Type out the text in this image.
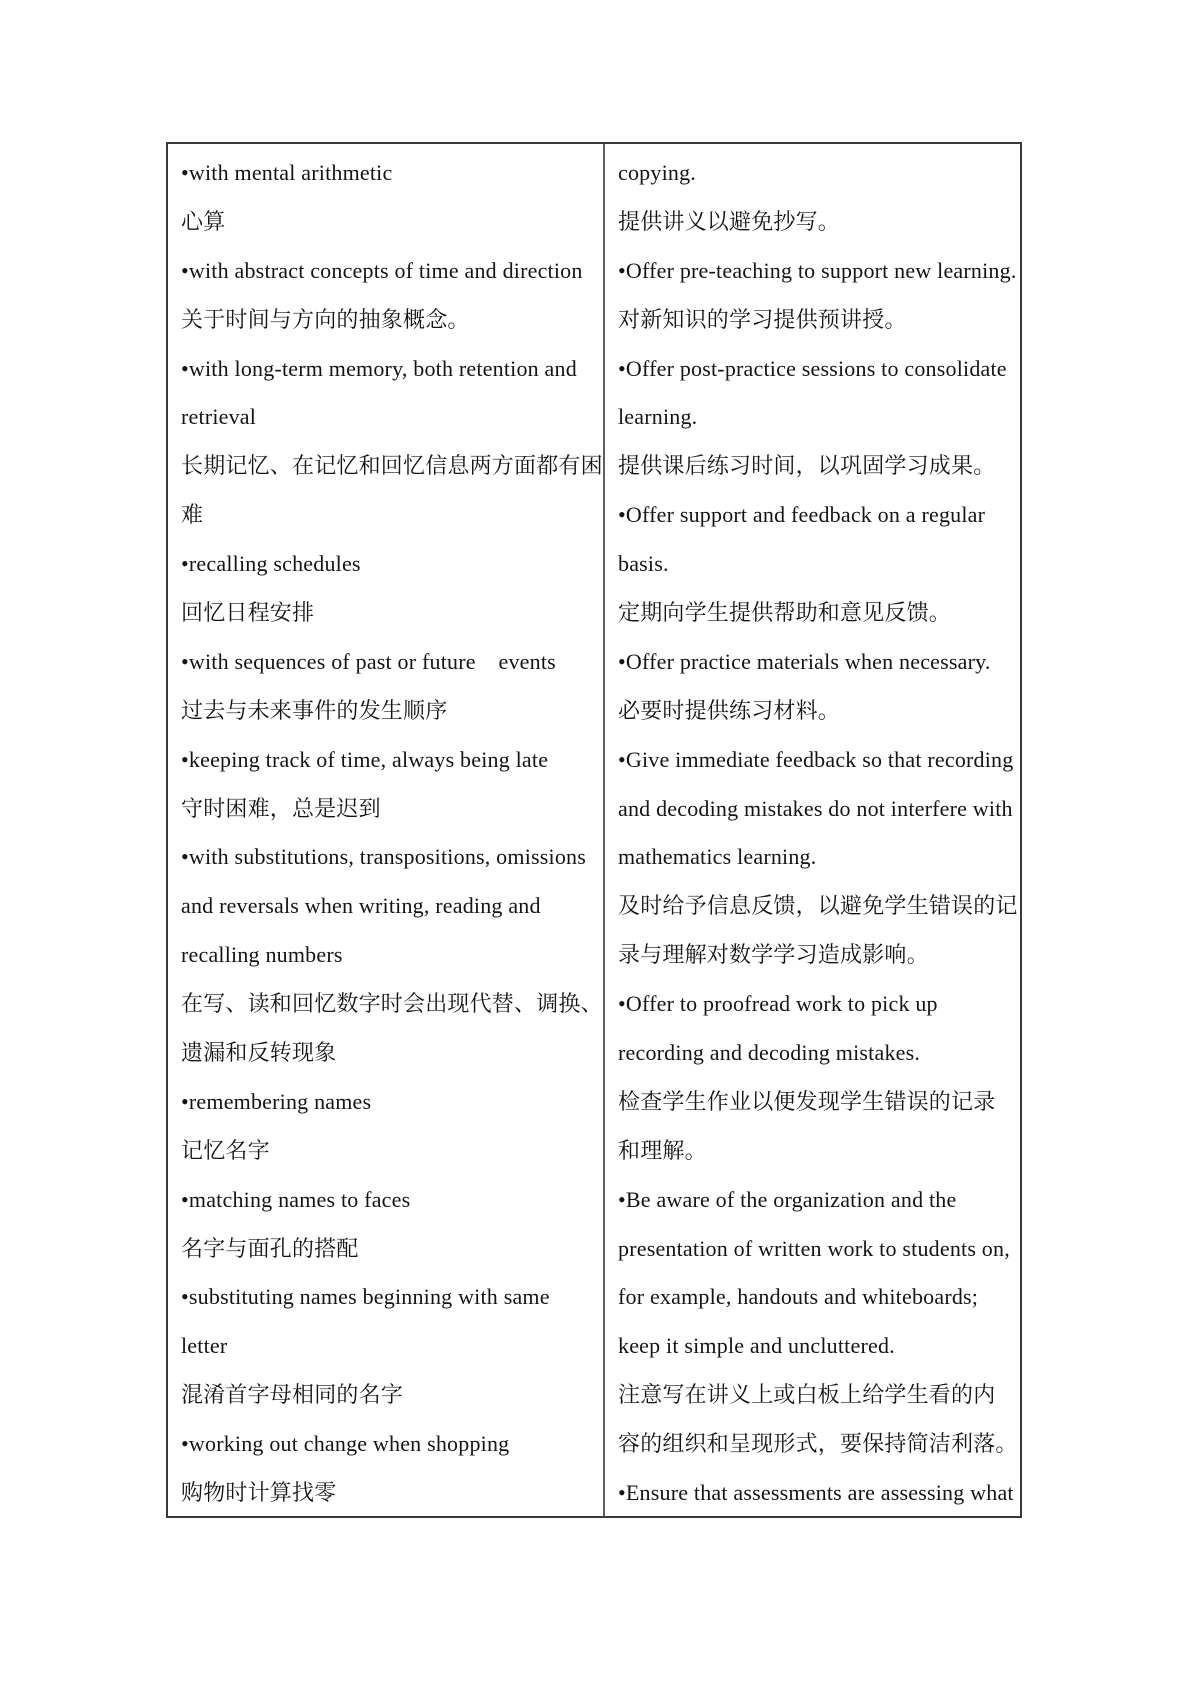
•with mental arithmetic
心算
•with abstract concepts of time and direction
关于时间与方向的抽象概念。
•with long-term memory, both retention and
retrieval
长期记忆、在记忆和回忆信息两方面都有困
难
•recalling schedules
回忆日程安排
•with sequences of past or future    events
过去与未来事件的发生顺序
•keeping track of time, always being late
守时困难，总是迟到
•with substitutions, transpositions, omissions
and reversals when writing, reading and
recalling numbers
在写、读和回忆数字时会出现代替、调换、
遗漏和反转现象
•remembering names
记忆名字
•matching names to faces
名字与面孔的搭配
•substituting names beginning with same
letter
混淆首字母相同的名字
•working out change when shopping
购物时计算找零
copying.
提供讲义以避免抄写。
•Offer pre-teaching to support new learning.
对新知识的学习提供预讲授。
•Offer post-practice sessions to consolidate
learning.
提供课后练习时间，以巩固学习成果。
•Offer support and feedback on a regular
basis.
定期向学生提供帮助和意见反馈。
•Offer practice materials when necessary.
必要时提供练习材料。
•Give immediate feedback so that recording
and decoding mistakes do not interfere with
mathematics learning.
及时给予信息反馈，以避免学生错误的记
录与理解对数学学习造成影响。
•Offer to proofread work to pick up
recording and decoding mistakes.
检查学生作业以便发现学生错误的记录
和理解。
•Be aware of the organization and the
presentation of written work to students on,
for example, handouts and whiteboards;
keep it simple and uncluttered.
注意写在讲义上或白板上给学生看的内
容的组织和呈现形式，要保持简洁利落。
•Ensure that assessments are assessing what
